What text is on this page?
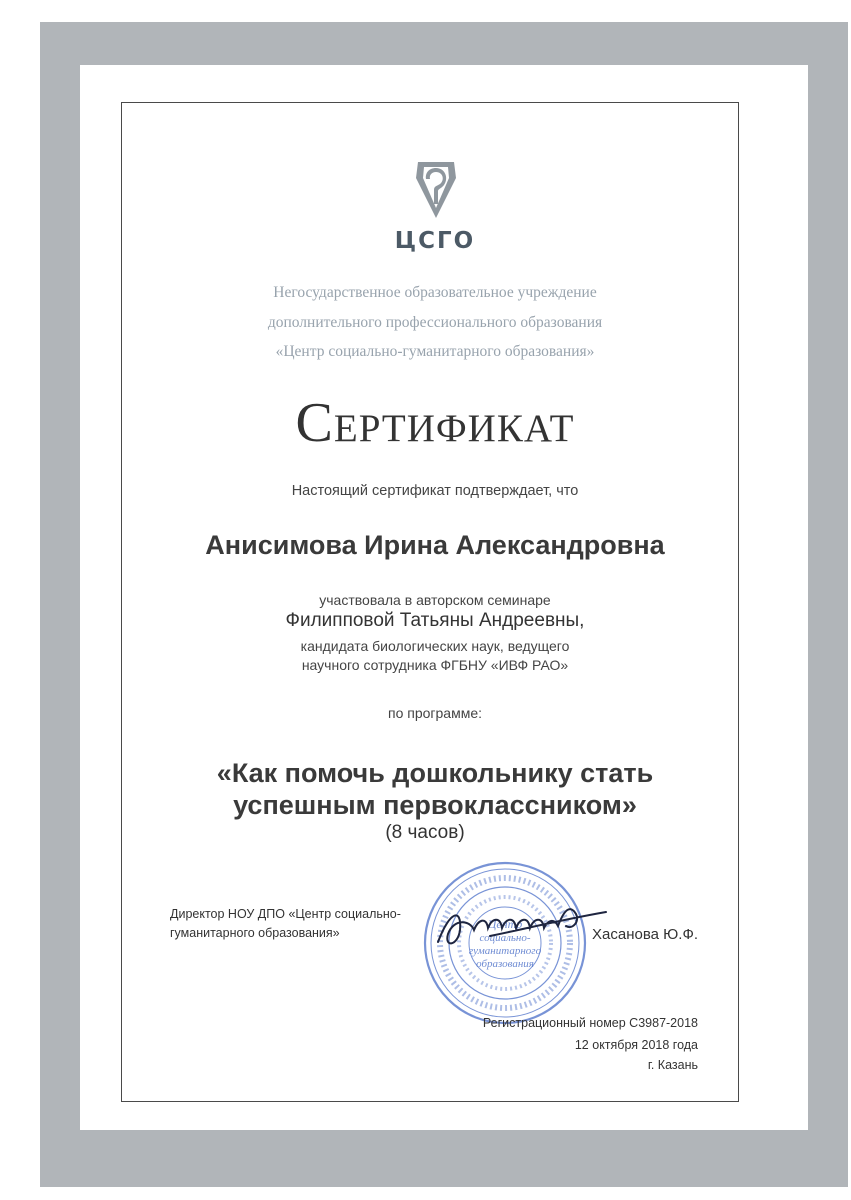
ЦСГО
Негосударственное образовательное учреждение
дополнительного профессионального образования
«Центр социально-гуманитарного образования»
Сертификат
Настоящий сертификат подтверждает, что
Анисимова Ирина Александровна
участвовала в авторском семинаре
Филипповой Татьяны Андреевны,
кандидата биологических наук, ведущего
научного сотрудника ФГБНУ «ИВФ РАО»
по программе:
«Как помочь дошкольнику стать
успешным первоклассником»
(8 часов)
Директор НОУ ДПО «Центр социально-
гуманитарного образования»
Центр
социально-
гуманитарного
образования
Хасанова Ю.Ф.
Регистрационный номер С3987-2018
12 октября 2018 года
г. Казань
